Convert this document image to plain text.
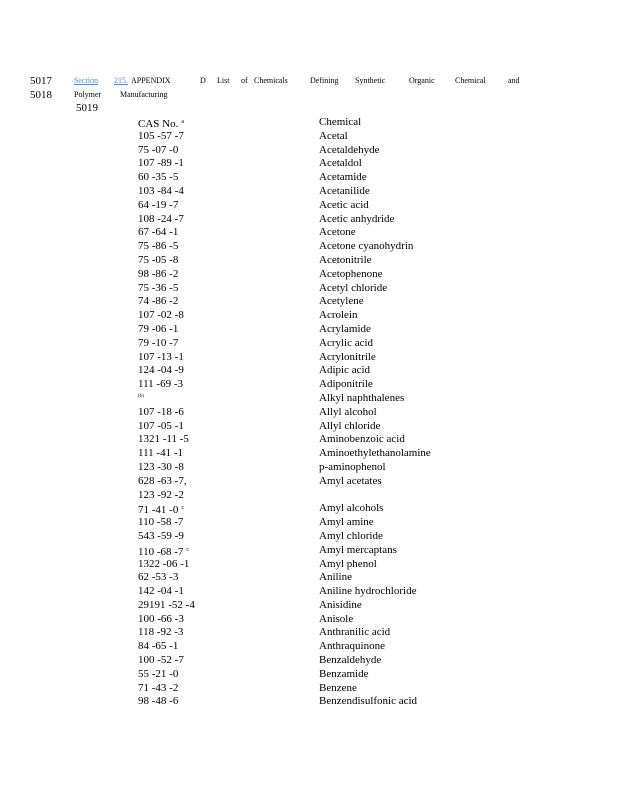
5017
5018
5019
Section 215. APPENDIX	D List of Chemicals	Defining Synthetic	Organic	Chemical	and
Polymer Manufacturing
CAS No. $^a$	Chemical
105 -57 -7	Acetal
75 -07 -0	Acetaldehyde
107 -89 -1	Acetaldol
60 -35 -5	Acetamide
103 -84 -4	Acetanilide
64 -19 -7	Acetic acid
108 -24 -7	Acetic anhydride
67 -64 -1	Acetone
75 -86 -5	Acetone cyanohydrin
75 -05 -8	Acetonitrile
98 -86 -2	Acetophenone
75 -36 -5	Acetyl chloride
74 -86 -2	Acetylene
107 -02 -8	Acrolein
79 -06 -1	Acrylamide
79 -10 -7	Acrylic acid
107 -13 -1	Acrylonitrile
124 -04 -9	Adipic acid
111 -69 -3	Adiponitrile
(b)	Alkyl naphthalenes
107 -18 -6	Allyl alcohol
107 -05 -1	Allyl chloride
1321 -11 -5	Aminobenzoic acid
111 -41 -1	Aminoethylethanolamine
123 -30 -8	p-aminophenol
628 -63 -7,	Amyl acetates
123 -92 -2
71 -41 -0 $^c$	Amyl alcohols
110 -58 -7	Amyl amine
543 -59 -9	Amyl chloride
110 -68 -7 $^c$	Amyl mercaptans
1322 -06 -1	Amyl phenol
62 -53 -3	Aniline
142 -04 -1	Aniline hydrochloride
29191 -52 -4	Anisidine
100 -66 -3	Anisole
118 -92 -3	Anthranilic acid
84 -65 -1	Anthraquinone
100 -52 -7	Benzaldehyde
55 -21 -0	Benzamide
71 -43 -2	Benzene
98 -48 -6	Benzendisulfonic acid
